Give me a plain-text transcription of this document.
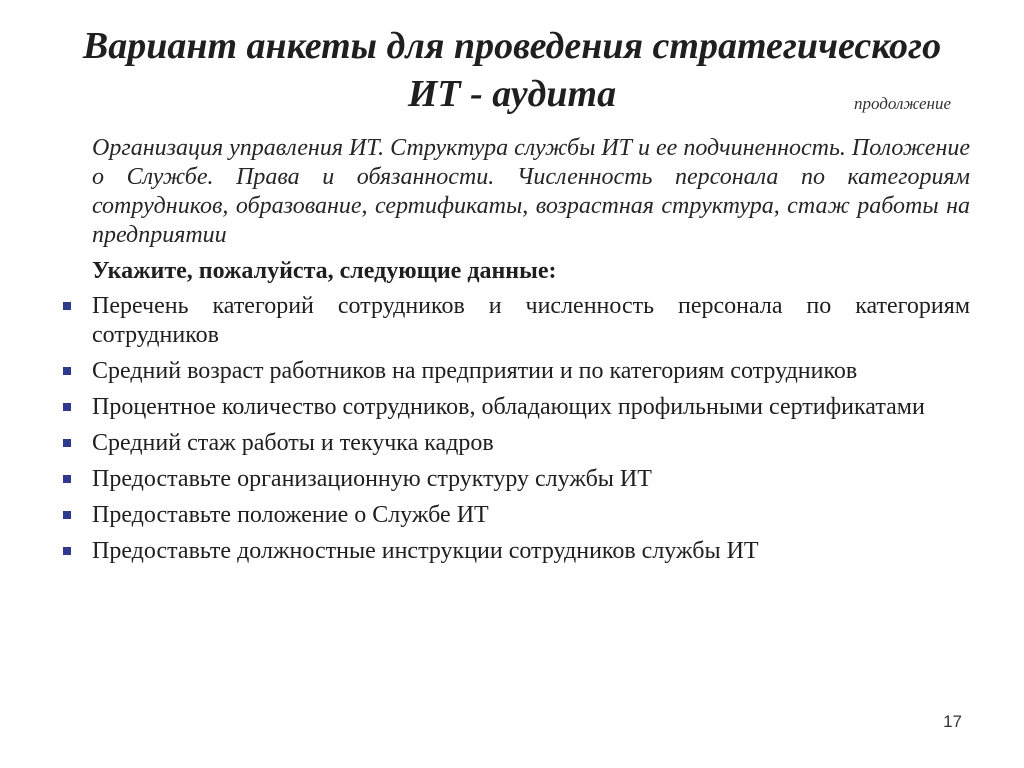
Вариант анкеты для проведения стратегического
ИТ - аудита	продолжение

Организация управления ИТ. Структура службы ИТ и ее подчиненность. Положение о Службе. Права и обязанности. Численность персонала по категориям сотрудников, образование, сертификаты, возрастная структура, стаж работы на предприятии

Укажите, пожалуйста, следующие данные:

Перечень категорий сотрудников и численность персонала по категориям сотрудников
Средний возраст работников на предприятии и по категориям сотрудников
Процентное количество сотрудников, обладающих профильными сертификатами
Средний стаж работы и текучка кадров
Предоставьте организационную структуру службы ИТ
Предоставьте положение о Службе ИТ
Предоставьте должностные инструкции сотрудников службы ИТ
17
